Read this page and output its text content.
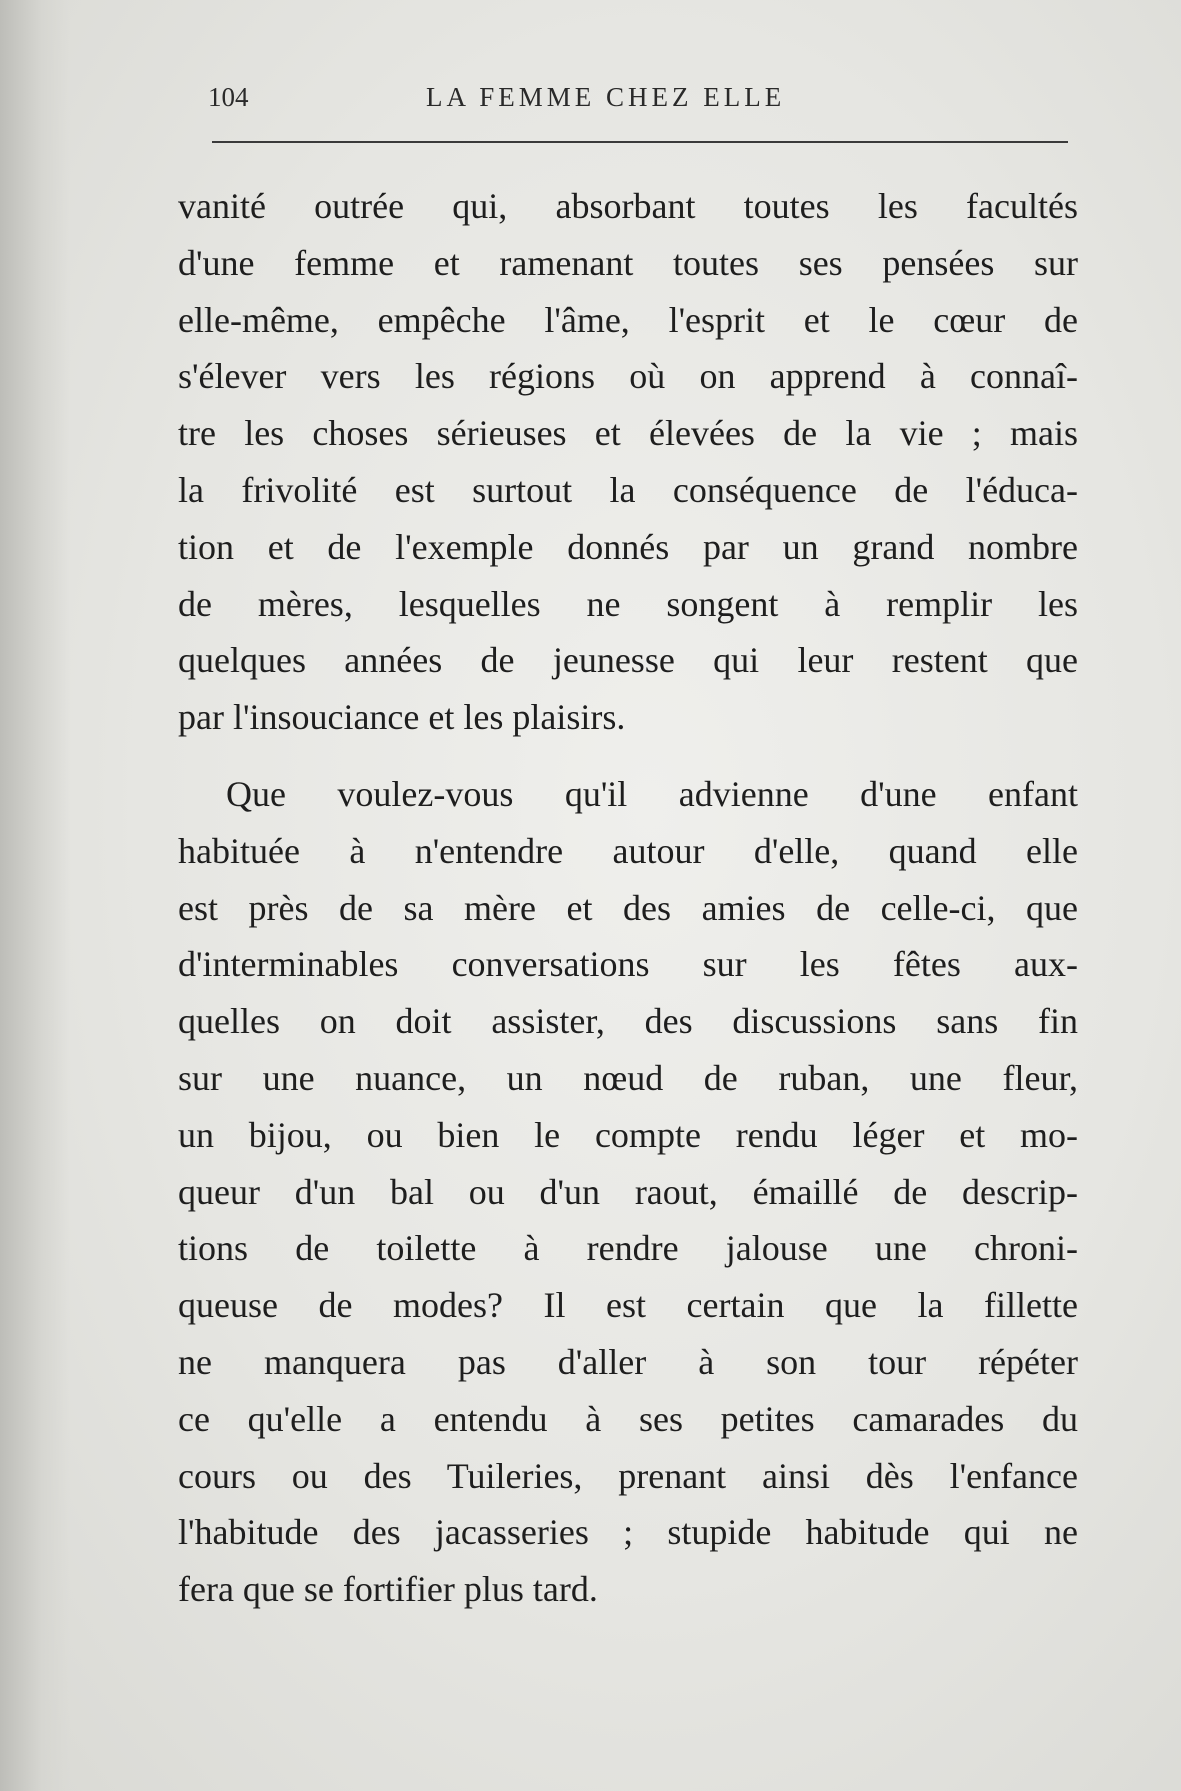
104	LA FEMME CHEZ ELLE
vanité outrée qui, absorbant toutes les facultés
d'une femme et ramenant toutes ses pensées sur
elle-même, empêche l'âme, l'esprit et le cœur de
s'élever vers les régions où on apprend à connaî-
tre les choses sérieuses et élevées de la vie ; mais
la frivolité est surtout la conséquence de l'éduca-
tion et de l'exemple donnés par un grand nombre
de mères, lesquelles ne songent à remplir les
quelques années de jeunesse qui leur restent que
par l'insouciance et les plaisirs.
Que voulez-vous qu'il advienne d'une enfant
habituée à n'entendre autour d'elle, quand elle
est près de sa mère et des amies de celle-ci, que
d'interminables conversations sur les fêtes aux-
quelles on doit assister, des discussions sans fin
sur une nuance, un nœud de ruban, une fleur,
un bijou, ou bien le compte rendu léger et mo-
queur d'un bal ou d'un raout, émaillé de descrip-
tions de toilette à rendre jalouse une chroni-
queuse de modes? Il est certain que la fillette
ne manquera pas d'aller à son tour répéter
ce qu'elle a entendu à ses petites camarades du
cours ou des Tuileries, prenant ainsi dès l'enfance
l'habitude des jacasseries ; stupide habitude qui ne
fera que se fortifier plus tard.
